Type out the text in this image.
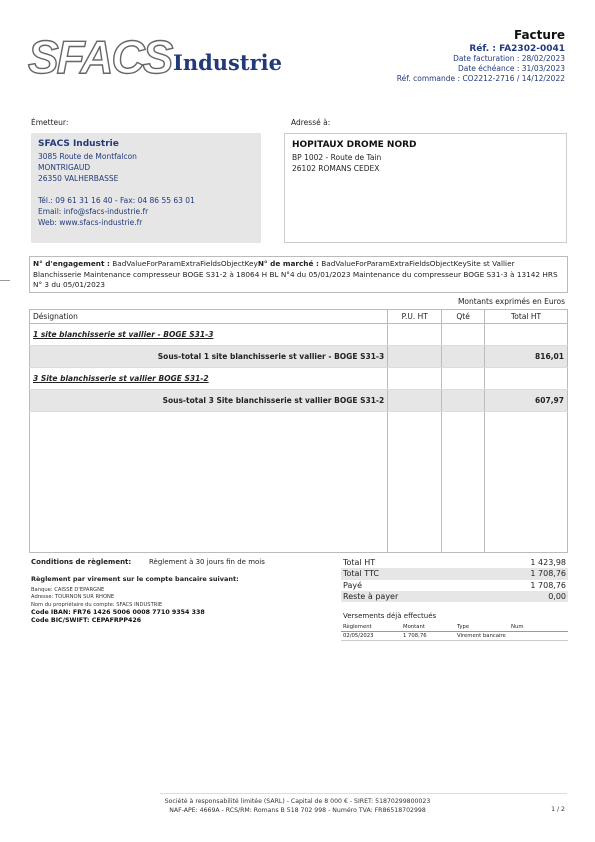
SFACS Industrie
Facture
Réf. : FA2302-0041
Date facturation : 28/02/2023
Date échéance : 31/03/2023
Réf. commande : CO2212-2716 / 14/12/2022
Émetteur:	Adressé à:
SFACS Industrie
3085 Route de Montfalcon
MONTRIGAUD
26350 VALHERBASSE
Tél.: 09 61 31 16 40 - Fax: 04 86 55 63 01
Email: info@sfacs-industrie.fr
Web: www.sfacs-industrie.fr
HOPITAUX DROME NORD
BP 1002 - Route de Tain
26102 ROMANS CEDEX
N° d'engagement : BadValueForParamExtraFieldsObjectKeyN° de marché : BadValueForParamExtraFieldsObjectKeySite st Vallier Blanchisserie Maintenance compresseur BOGE S31-2 à 18064 H BL N°4 du 05/01/2023 Maintenance du compresseur BOGE S31-3 à 13142 HRS N° 3 du 05/01/2023
Montants exprimés en Euros
Désignation	P.U. HT	Qté	Total HT
1 site blanchisserie st vallier - BOGE S31-3			
Sous-total 1 site blanchisserie st vallier - BOGE S31-3			816,01
3 Site blanchisserie st vallier BOGE S31-2			
Sous-total 3 Site blanchisserie st vallier BOGE S31-2			607,97

Conditions de règlement:	Règlement à 30 jours fin de mois
Règlement par virement sur le compte bancaire suivant:
Banque: CAISSE D'EPARGNE
Adresse: TOURNON SUR RHONE
Nom du propriétaire du compte: SFACS INDUSTRIE
Code IBAN: FR76 1426 5006 0008 7710 9354 338
Code BIC/SWIFT: CEPAFRPP426
Total HT	1 423,98
Total TTC	1 708,76
Payé	1 708,76
Reste à payer	0,00
Versements déjà effectués
Règlement	Montant	Type	Num
02/05/2023	1 708,76	Virement bancaire	
Société à responsabilité limitée (SARL) - Capital de 8 000 € - SIRET: 51870299800023
NAF-APE: 4669A - RCS/RM: Romans B 518 702 998 - Numéro TVA: FR86518702998	1 / 2
